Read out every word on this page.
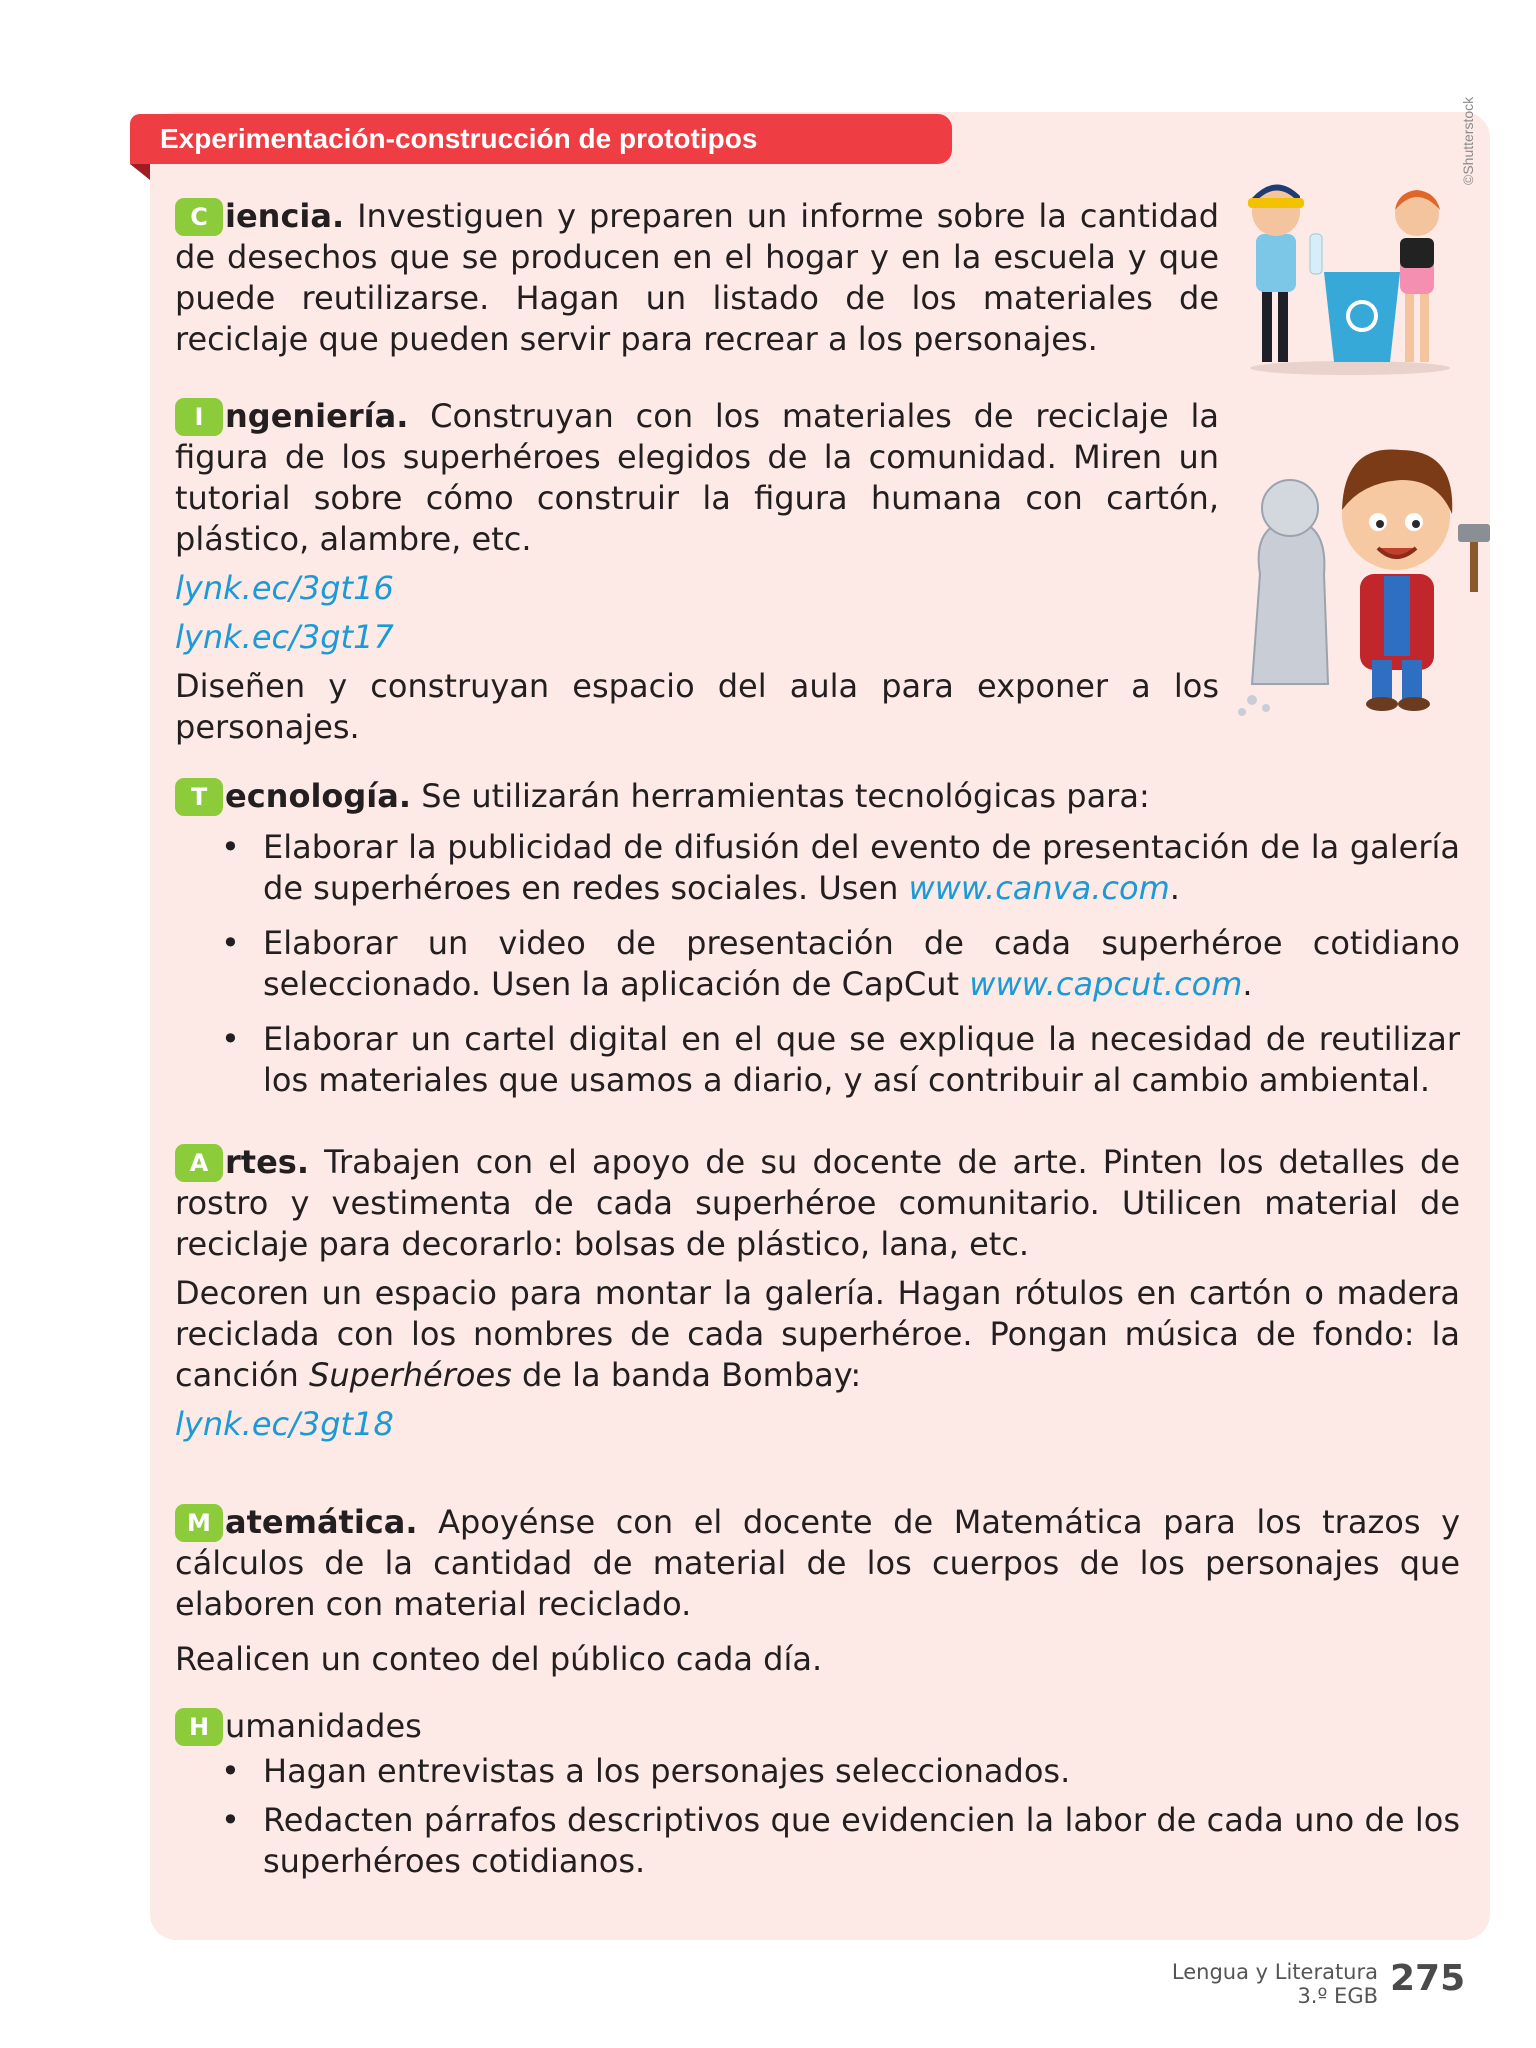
Experimentación-construcción de prototipos	©Shutterstock

C iencia. Investiguen y preparen un informe sobre la cantidad de desechos que se producen en el hogar y en la escuela y que puede reutilizarse. Hagan un listado de los materiales de reciclaje que pueden servir para recrear a los personajes.

I ngeniería. Construyan con los materiales de reciclaje la figura de los superhéroes elegidos de la comunidad. Miren un tutorial sobre cómo construir la figura humana con cartón, plástico, alambre, etc.

lynk.ec/3gt16

lynk.ec/3gt17

Diseñen y construyan espacio del aula para exponer a los personajes.

T ecnología. Se utilizarán herramientas tecnológicas para:

• Elaborar la publicidad de difusión del evento de presentación de la galería de superhéroes en redes sociales. Usen www.canva.com.
• Elaborar un video de presentación de cada superhéroe cotidiano seleccionado. Usen la aplicación de CapCut www.capcut.com.
• Elaborar un cartel digital en el que se explique la necesidad de reutilizar los materiales que usamos a diario, y así contribuir al cambio ambiental.

A rtes. Trabajen con el apoyo de su docente de arte. Pinten los detalles de rostro y vestimenta de cada superhéroe comunitario. Utilicen material de reciclaje para decorarlo: bolsas de plástico, lana, etc.

Decoren un espacio para montar la galería. Hagan rótulos en cartón o madera reciclada con los nombres de cada superhéroe. Pongan música de fondo: la canción Superhéroes de la banda Bombay:

lynk.ec/3gt18

M atemática. Apoyénse con el docente de Matemática para los trazos y cálculos de la cantidad de material de los cuerpos de los personajes que elaboren con material reciclado.

Realicen un conteo del público cada día.

H umanidades

• Hagan entrevistas a los personajes seleccionados.
• Redacten párrafos descriptivos que evidencien la labor de cada uno de los superhéroes cotidianos.
Lengua y Literatura
3.º EGB 275
